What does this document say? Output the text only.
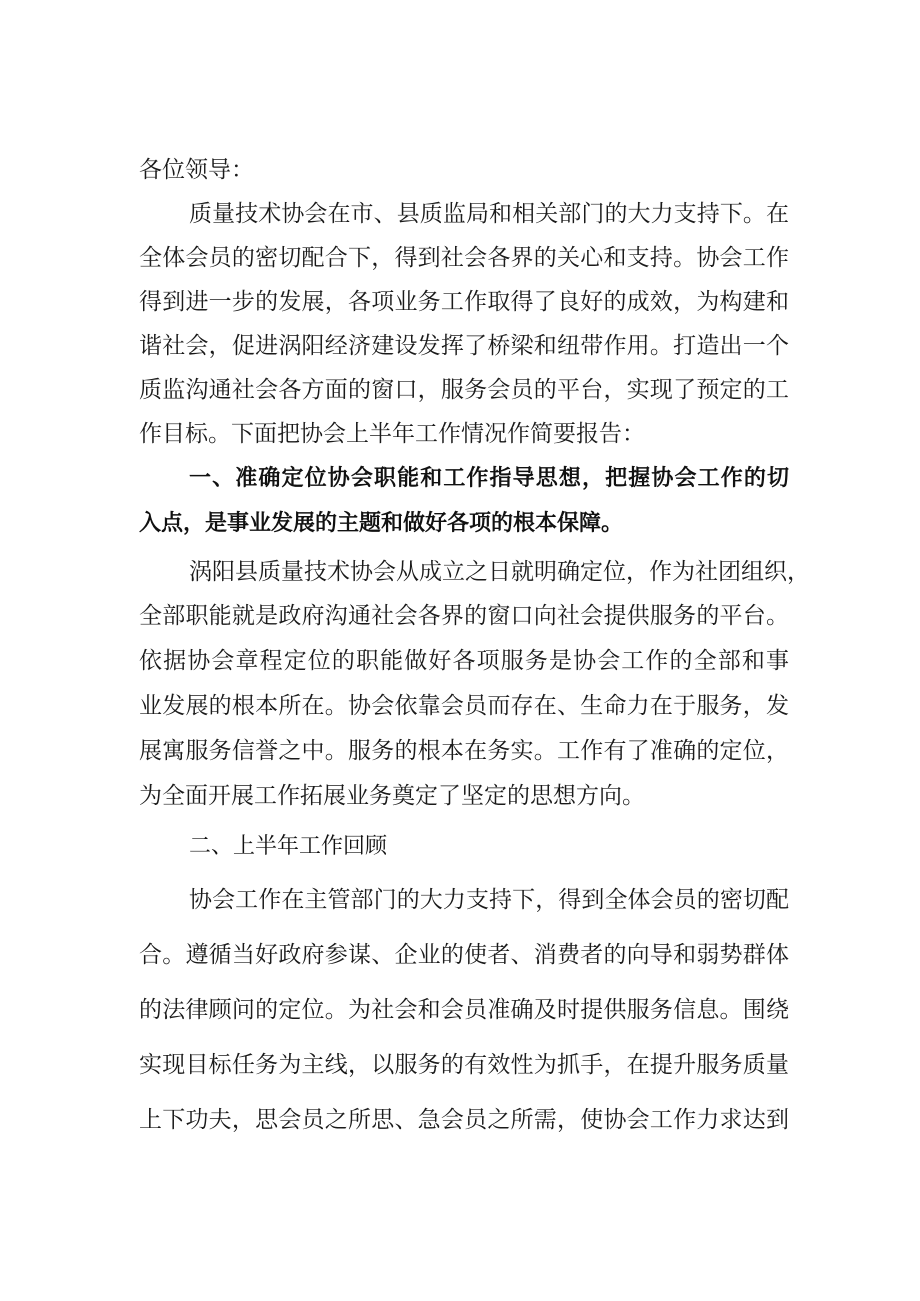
各位领导：
质量技术协会在市、县质监局和相关部门的大力支持下。在
全体会员的密切配合下，得到社会各界的关心和支持。协会工作
得到进一步的发展，各项业务工作取得了良好的成效，为构建和
谐社会，促进涡阳经济建设发挥了桥梁和纽带作用。打造出一个
质监沟通社会各方面的窗口，服务会员的平台，实现了预定的工
作目标。下面把协会上半年工作情况作简要报告：
一、准确定位协会职能和工作指导思想，把握协会工作的切
入点，是事业发展的主题和做好各项的根本保障。
涡阳县质量技术协会从成立之日就明确定位，作为社团组织，
全部职能就是政府沟通社会各界的窗口向社会提供服务的平台。
依据协会章程定位的职能做好各项服务是协会工作的全部和事
业发展的根本所在。协会依靠会员而存在、生命力在于服务，发
展寓服务信誉之中。服务的根本在务实。工作有了准确的定位，
为全面开展工作拓展业务奠定了坚定的思想方向。
二、上半年工作回顾
协会工作在主管部门的大力支持下，得到全体会员的密切配
合。遵循当好政府参谋、企业的使者、消费者的向导和弱势群体
的法律顾问的定位。为社会和会员准确及时提供服务信息。围绕
实现目标任务为主线，以服务的有效性为抓手，在提升服务质量
上下功夫，思会员之所思、急会员之所需，使协会工作力求达到
